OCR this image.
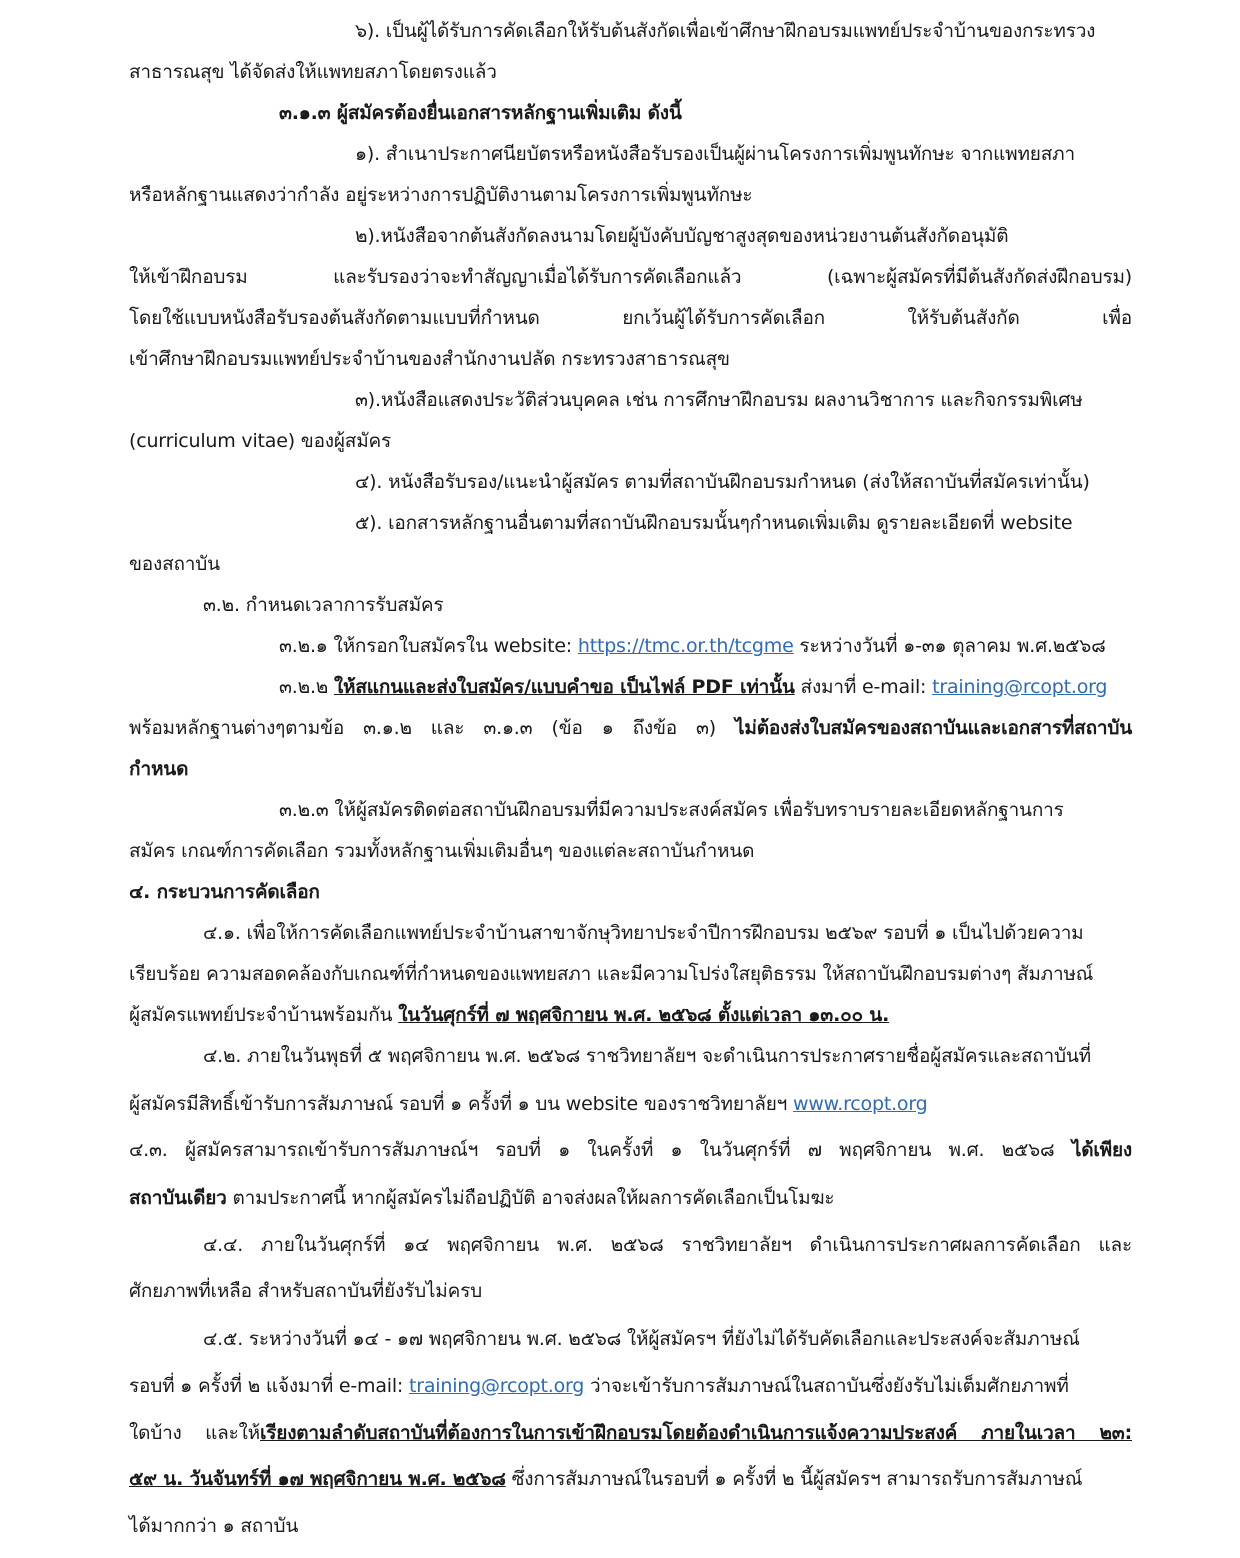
๖). เป็นผู้ได้รับการคัดเลือกให้รับต้นสังกัดเพื่อเข้าศึกษาฝึกอบรมแพทย์ประจำบ้านของกระทรวง
สาธารณสุข ได้จัดส่งให้แพทยสภาโดยตรงแล้ว
๓.๑.๓ ผู้สมัครต้องยื่นเอกสารหลักฐานเพิ่มเติม ดังนี้
๑). สำเนาประกาศนียบัตรหรือหนังสือรับรองเป็นผู้ผ่านโครงการเพิ่มพูนทักษะ จากแพทยสภา
หรือหลักฐานแสดงว่ากำลัง อยู่ระหว่างการปฏิบัติงานตามโครงการเพิ่มพูนทักษะ
๒).หนังสือจากต้นสังกัดลงนามโดยผู้บังคับบัญชาสูงสุดของหน่วยงานต้นสังกัดอนุมัติ
ให้เข้าฝึกอบรม และรับรองว่าจะทำสัญญาเมื่อได้รับการคัดเลือกแล้ว (เฉพาะผู้สมัครที่มีต้นสังกัดส่งฝึกอบรม)
โดยใช้แบบหนังสือรับรองต้นสังกัดตามแบบที่กำหนด ยกเว้นผู้ได้รับการคัดเลือก ให้รับต้นสังกัด เพื่อ
เข้าศึกษาฝึกอบรมแพทย์ประจำบ้านของสำนักงานปลัด กระทรวงสาธารณสุข
๓).หนังสือแสดงประวัติส่วนบุคคล เช่น การศึกษาฝึกอบรม ผลงานวิชาการ และกิจกรรมพิเศษ
(curriculum vitae) ของผู้สมัคร
๔). หนังสือรับรอง/แนะนำผู้สมัคร ตามที่สถาบันฝึกอบรมกำหนด (ส่งให้สถาบันที่สมัครเท่านั้น)
๕). เอกสารหลักฐานอื่นตามที่สถาบันฝึกอบรมนั้นๆกำหนดเพิ่มเติม ดูรายละเอียดที่ website
ของสถาบัน
๓.๒. กำหนดเวลาการรับสมัคร
๓.๒.๑ ให้กรอกใบสมัครใน website: https://tmc.or.th/tcgme ระหว่างวันที่ ๑-๓๑ ตุลาคม พ.ศ.๒๕๖๘
๓.๒.๒ ให้สแกนและส่งใบสมัคร/แบบคำขอ เป็นไฟล์ PDF เท่านั้น ส่งมาที่ e-mail: training@rcopt.org
พร้อมหลักฐานต่างๆตามข้อ ๓.๑.๒ และ ๓.๑.๓ (ข้อ ๑ ถึงข้อ ๓) ไม่ต้องส่งใบสมัครของสถาบันและเอกสารที่สถาบัน
กำหนด
๓.๒.๓ ให้ผู้สมัครติดต่อสถาบันฝึกอบรมที่มีความประสงค์สมัคร เพื่อรับทราบรายละเอียดหลักฐานการ
สมัคร เกณฑ์การคัดเลือก รวมทั้งหลักฐานเพิ่มเติมอื่นๆ ของแต่ละสถาบันกำหนด
๔. กระบวนการคัดเลือก
๔.๑. เพื่อให้การคัดเลือกแพทย์ประจำบ้านสาขาจักษุวิทยาประจำปีการฝึกอบรม ๒๕๖๙ รอบที่ ๑ เป็นไปด้วยความ
เรียบร้อย ความสอดคล้องกับเกณฑ์ที่กำหนดของแพทยสภา และมีความโปร่งใสยุติธรรม ให้สถาบันฝึกอบรมต่างๆ สัมภาษณ์
ผู้สมัครแพทย์ประจำบ้านพร้อมกัน ในวันศุกร์ที่ ๗ พฤศจิกายน พ.ศ. ๒๕๖๘ ตั้งแต่เวลา ๑๓.๐๐ น.
๔.๒. ภายในวันพุธที่ ๕ พฤศจิกายน พ.ศ. ๒๕๖๘ ราชวิทยาลัยฯ จะดำเนินการประกาศรายชื่อผู้สมัครและสถาบันที่
ผู้สมัครมีสิทธิ์เข้ารับการสัมภาษณ์ รอบที่ ๑ ครั้งที่ ๑ บน website ของราชวิทยาลัยฯ www.rcopt.org
๔.๓. ผู้สมัครสามารถเข้ารับการสัมภาษณ์ฯ รอบที่ ๑ ในครั้งที่ ๑ ในวันศุกร์ที่ ๗ พฤศจิกายน พ.ศ. ๒๕๖๘ ได้เพียง
สถาบันเดียว ตามประกาศนี้ หากผู้สมัครไม่ถือปฏิบัติ อาจส่งผลให้ผลการคัดเลือกเป็นโมฆะ
๔.๔. ภายในวันศุกร์ที่ ๑๔ พฤศจิกายน พ.ศ. ๒๕๖๘ ราชวิทยาลัยฯ ดำเนินการประกาศผลการคัดเลือก และ
ศักยภาพที่เหลือ สำหรับสถาบันที่ยังรับไม่ครบ
๔.๕. ระหว่างวันที่ ๑๔ - ๑๗ พฤศจิกายน พ.ศ. ๒๕๖๘ ให้ผู้สมัครฯ ที่ยังไม่ได้รับคัดเลือกและประสงค์จะสัมภาษณ์
รอบที่ ๑ ครั้งที่ ๒ แจ้งมาที่ e-mail: training@rcopt.org ว่าจะเข้ารับการสัมภาษณ์ในสถาบันซึ่งยังรับไม่เต็มศักยภาพที่
ใดบ้าง และให้เรียงตามลำดับสถาบันที่ต้องการในการเข้าฝึกอบรมโดยต้องดำเนินการแจ้งความประสงค์ ภายในเวลา ๒๓:
๕๙ น. วันจันทร์ที่ ๑๗ พฤศจิกายน พ.ศ. ๒๕๖๘ ซึ่งการสัมภาษณ์ในรอบที่ ๑ ครั้งที่ ๒ นี้ผู้สมัครฯ สามารถรับการสัมภาษณ์
ได้มากกว่า ๑ สถาบัน
